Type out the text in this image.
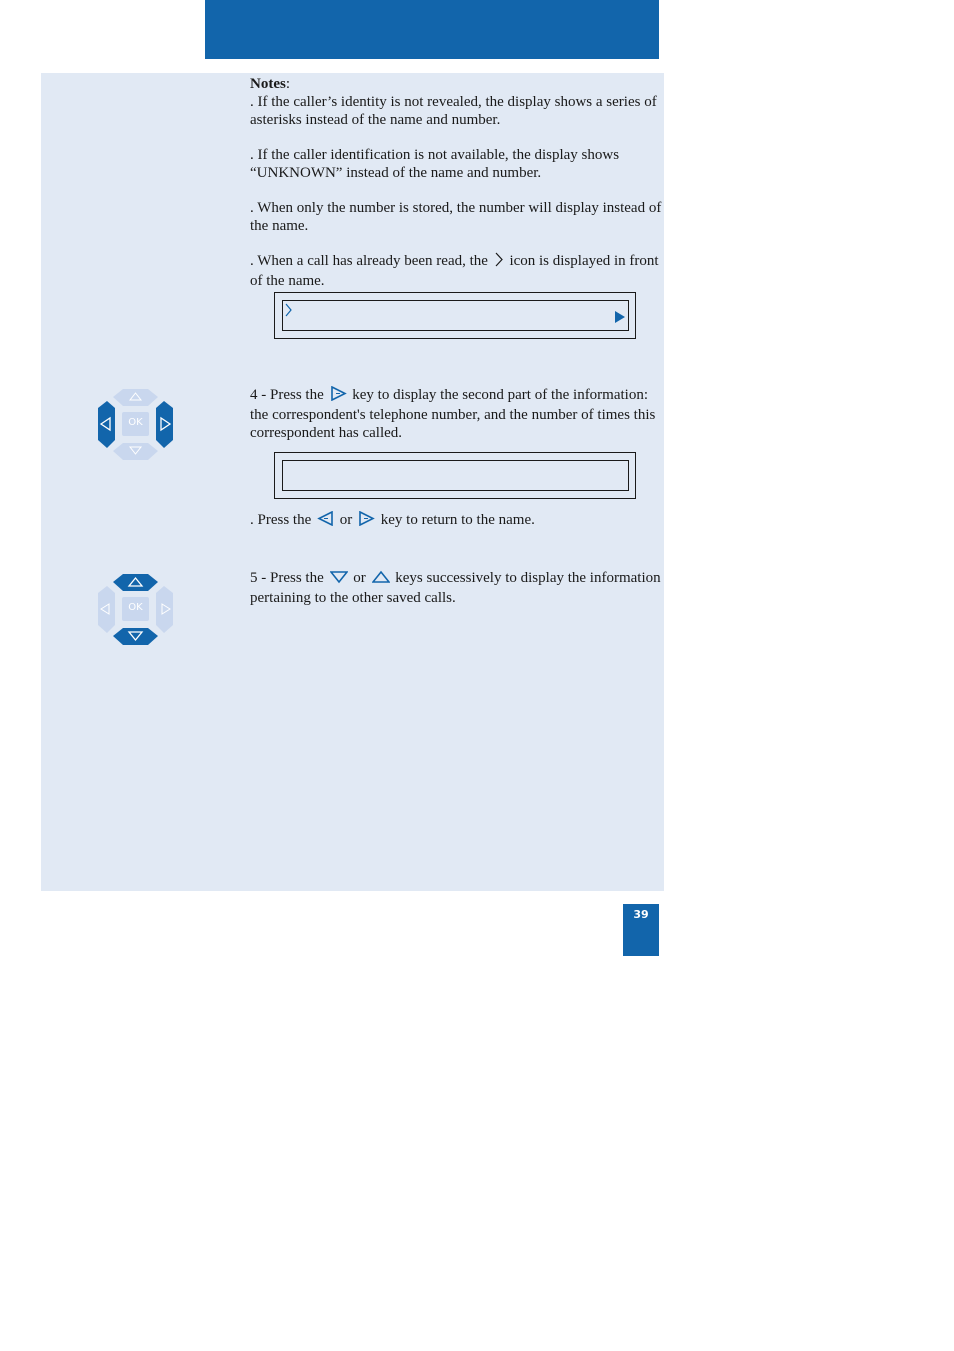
Notes:

. If the caller’s identity is not revealed, the display shows a series of asterisks instead of the name and number.

. If the caller identification is not available, the display shows “UNKNOWN” instead of the name and number.

. When only the number is stored, the number will display instead of the name.

. When a call has already been read, the icon is displayed in front of the name.

OK

4 - Press the key to display the second part of the information: the correspondent's telephone number, and the number of times this correspondent has called.

. Press the or key to return to the name.

OK

5 - Press the or keys successively to display the information pertaining to the other saved calls.

39
